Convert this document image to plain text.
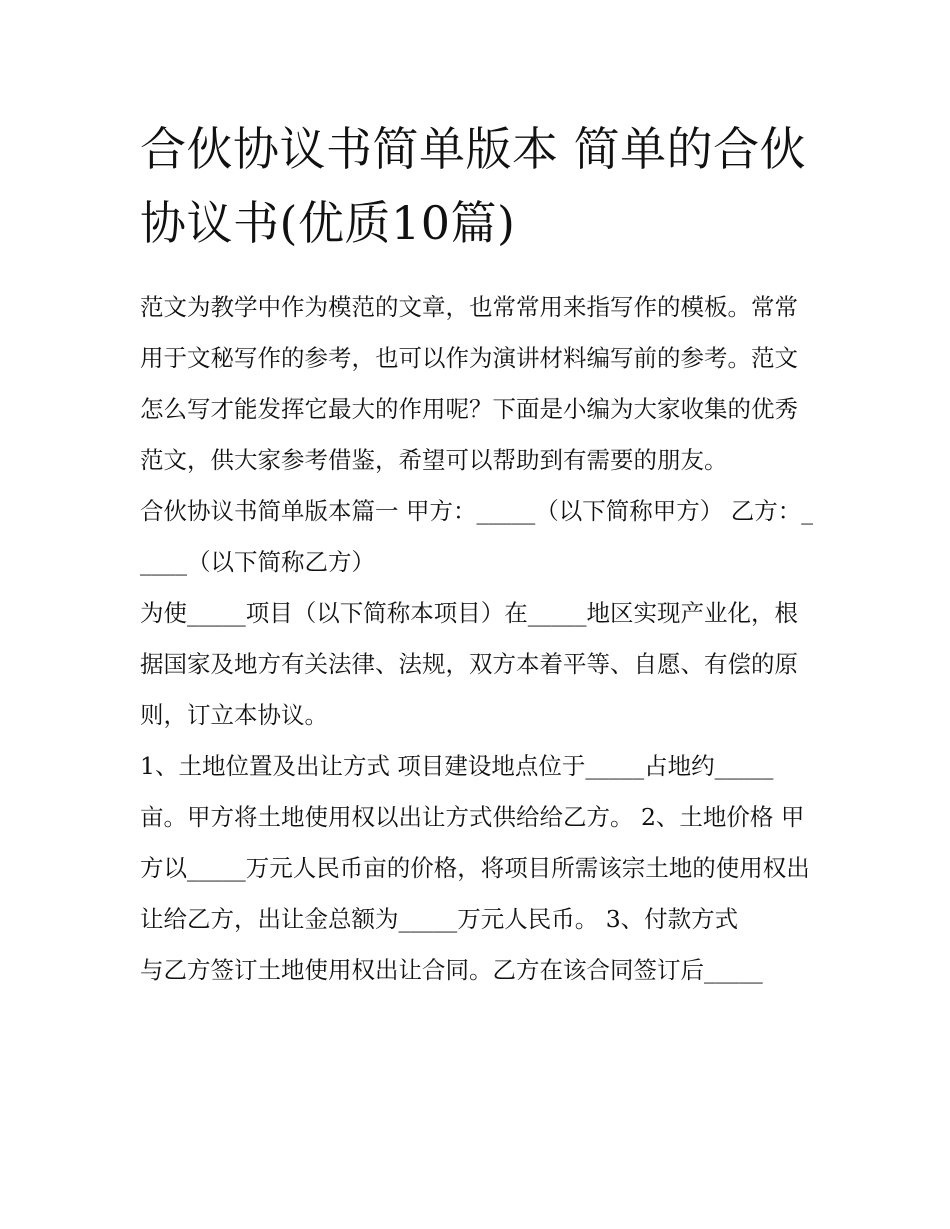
合伙协议书简单版本 简单的合伙协议书(优质10篇)

范文为教学中作为模范的文章，也常常用来指写作的模板。常常用于文秘写作的参考，也可以作为演讲材料编写前的参考。范文怎么写才能发挥它最大的作用呢？下面是小编为大家收集的优秀范文，供大家参考借鉴，希望可以帮助到有需要的朋友。

合伙协议书简单版本篇一 甲方：_____（以下简称甲方） 乙方：_____（以下简称乙方）

为使_____项目（以下简称本项目）在_____地区实现产业化，根据国家及地方有关法律、法规，双方本着平等、自愿、有偿的原则，订立本协议。

1、土地位置及出让方式 项目建设地点位于_____占地约_____亩。甲方将土地使用权以出让方式供给给乙方。 2、土地价格 甲方以_____万元人民币亩的价格，将项目所需该宗土地的使用权出让给乙方，出让金总额为_____万元人民币。 3、付款方式

与乙方签订土地使用权出让合同。乙方在该合同签订后_____
